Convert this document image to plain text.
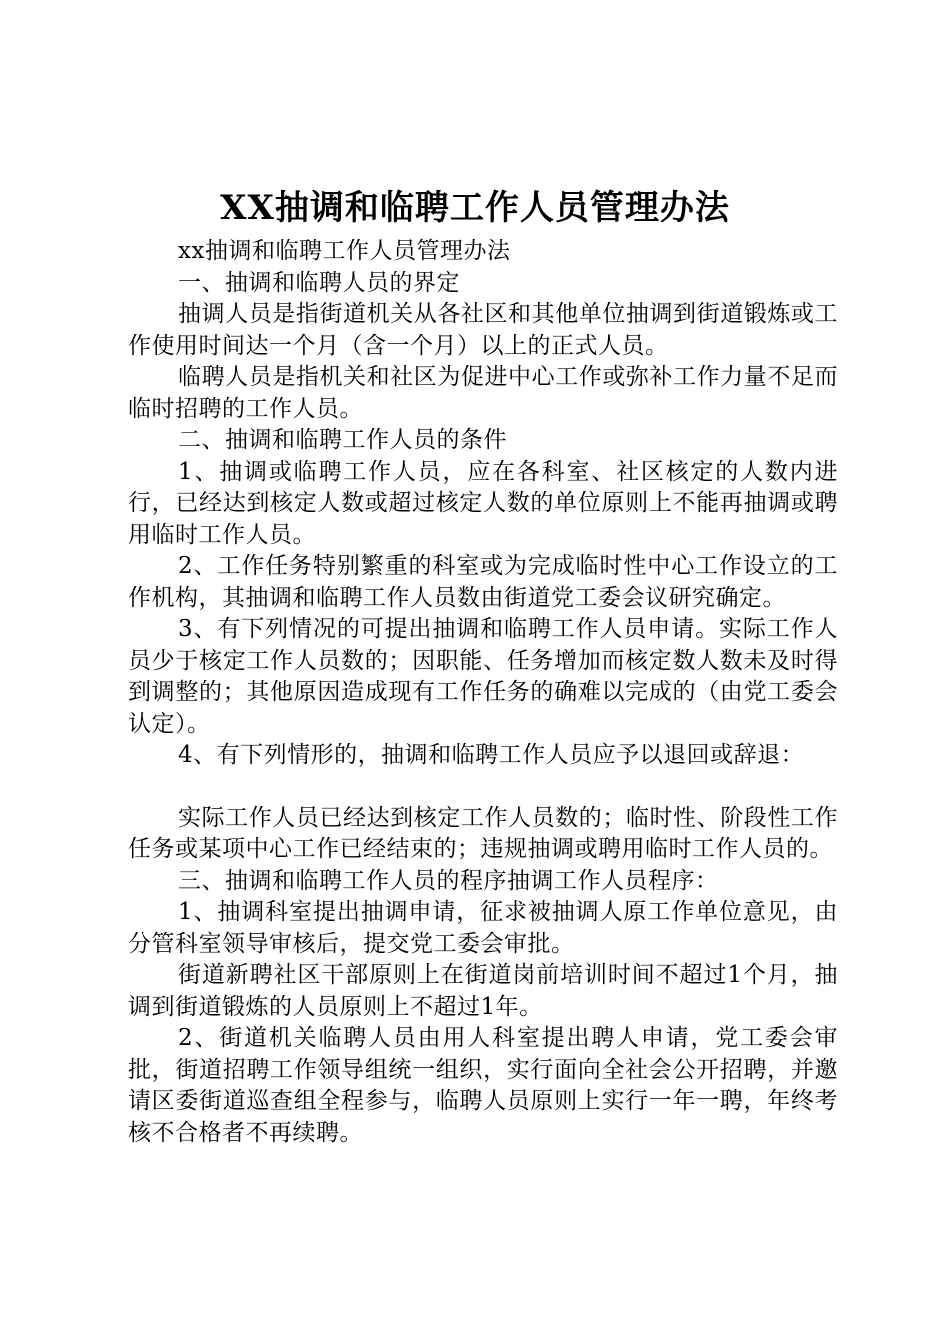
XX抽调和临聘工作人员管理办法

xx抽调和临聘工作人员管理办法

一、抽调和临聘人员的界定

抽调人员是指街道机关从各社区和其他单位抽调到街道锻炼或工作使用时间达一个月（含一个月）以上的正式人员。

临聘人员是指机关和社区为促进中心工作或弥补工作力量不足而临时招聘的工作人员。

二、抽调和临聘工作人员的条件

1、抽调或临聘工作人员，应在各科室、社区核定的人数内进行，已经达到核定人数或超过核定人数的单位原则上不能再抽调或聘用临时工作人员。

2、工作任务特别繁重的科室或为完成临时性中心工作设立的工作机构，其抽调和临聘工作人员数由街道党工委会议研究确定。

3、有下列情况的可提出抽调和临聘工作人员申请。实际工作人员少于核定工作人员数的；因职能、任务增加而核定数人数未及时得到调整的；其他原因造成现有工作任务的确难以完成的（由党工委会认定）。

4、有下列情形的，抽调和临聘工作人员应予以退回或辞退：

实际工作人员已经达到核定工作人员数的；临时性、阶段性工作任务或某项中心工作已经结束的；违规抽调或聘用临时工作人员的。

三、抽调和临聘工作人员的程序抽调工作人员程序：

1、抽调科室提出抽调申请，征求被抽调人原工作单位意见，由分管科室领导审核后，提交党工委会审批。

街道新聘社区干部原则上在街道岗前培训时间不超过1个月，抽调到街道锻炼的人员原则上不超过1年。

2、街道机关临聘人员由用人科室提出聘人申请，党工委会审批，街道招聘工作领导组统一组织，实行面向全社会公开招聘，并邀请区委街道巡查组全程参与，临聘人员原则上实行一年一聘，年终考核不合格者不再续聘。
